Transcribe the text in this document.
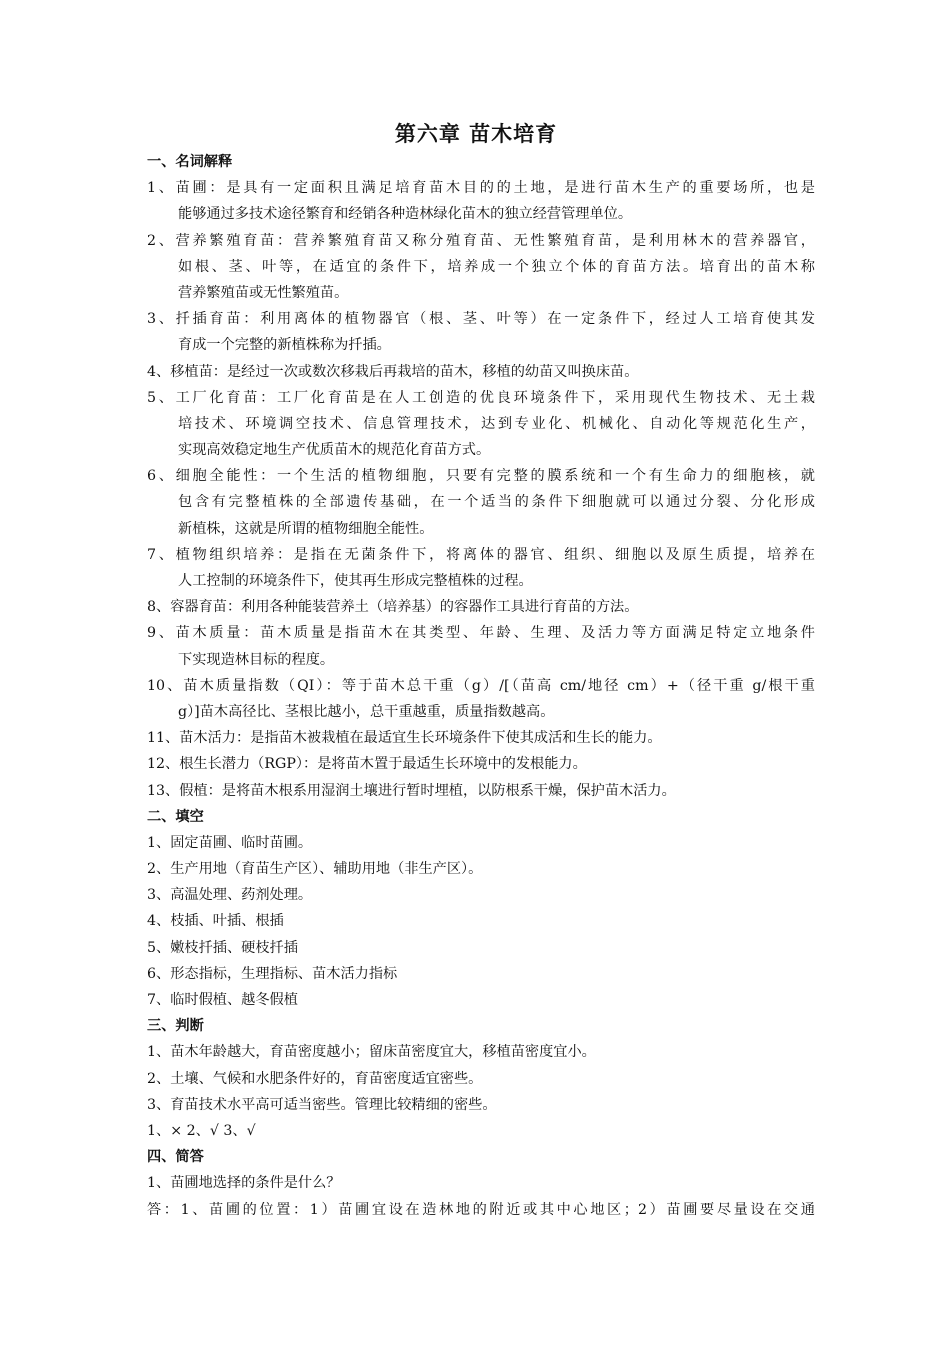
第六章 苗木培育
一、名词解释
1、苗圃：是具有一定面积且满足培育苗木目的的土地，是进行苗木生产的重要场所，也是
能够通过多技术途径繁育和经销各种造林绿化苗木的独立经营管理单位。
2、营养繁殖育苗：营养繁殖育苗又称分殖育苗、无性繁殖育苗，是利用林木的营养器官，
如根、茎、叶等，在适宜的条件下，培养成一个独立个体的育苗方法。培育出的苗木称
营养繁殖苗或无性繁殖苗。
3、扦插育苗：利用离体的植物器官（根、茎、叶等）在一定条件下，经过人工培育使其发
育成一个完整的新植株称为扦插。
4、移植苗：是经过一次或数次移栽后再栽培的苗木，移植的幼苗又叫换床苗。
5、工厂化育苗：工厂化育苗是在人工创造的优良环境条件下，采用现代生物技术、无土栽
培技术、环境调空技术、信息管理技术，达到专业化、机械化、自动化等规范化生产，
实现高效稳定地生产优质苗木的规范化育苗方式。
6、细胞全能性：一个生活的植物细胞，只要有完整的膜系统和一个有生命力的细胞核，就
包含有完整植株的全部遗传基础，在一个适当的条件下细胞就可以通过分裂、分化形成
新植株，这就是所谓的植物细胞全能性。
7、植物组织培养：是指在无菌条件下，将离体的器官、组织、细胞以及原生质提，培养在
人工控制的环境条件下，使其再生形成完整植株的过程。
8、容器育苗：利用各种能装营养土（培养基）的容器作工具进行育苗的方法。
9、苗木质量：苗木质量是指苗木在其类型、年龄、生理、及活力等方面满足特定立地条件
下实现造林目标的程度。
10、苗木质量指数（QI）：等于苗木总干重（g）/[（苗高 cm/地径 cm）+（径干重 g/根干重
g）]苗木高径比、茎根比越小，总干重越重，质量指数越高。
11、苗木活力：是指苗木被栽植在最适宜生长环境条件下使其成活和生长的能力。
12、根生长潜力（RGP）：是将苗木置于最适生长环境中的发根能力。
13、假植：是将苗木根系用湿润土壤进行暂时埋植，以防根系干燥，保护苗木活力。
二、填空
1、固定苗圃、临时苗圃。
2、生产用地（育苗生产区）、辅助用地（非生产区）。
3、高温处理、药剂处理。
4、枝插、叶插、根插
5、嫩枝扦插、硬枝扦插
6、形态指标，生理指标、苗木活力指标
7、临时假植、越冬假植
三、判断
1、苗木年龄越大，育苗密度越小；留床苗密度宜大，移植苗密度宜小。
2、土壤、气候和水肥条件好的，育苗密度适宜密些。
3、育苗技术水平高可适当密些。管理比较精细的密些。
1、× 2、√ 3、√
四、简答
1、苗圃地选择的条件是什么？
答：1、苗圃的位置：1）苗圃宜设在造林地的附近或其中心地区；2）苗圃要尽量设在交通
